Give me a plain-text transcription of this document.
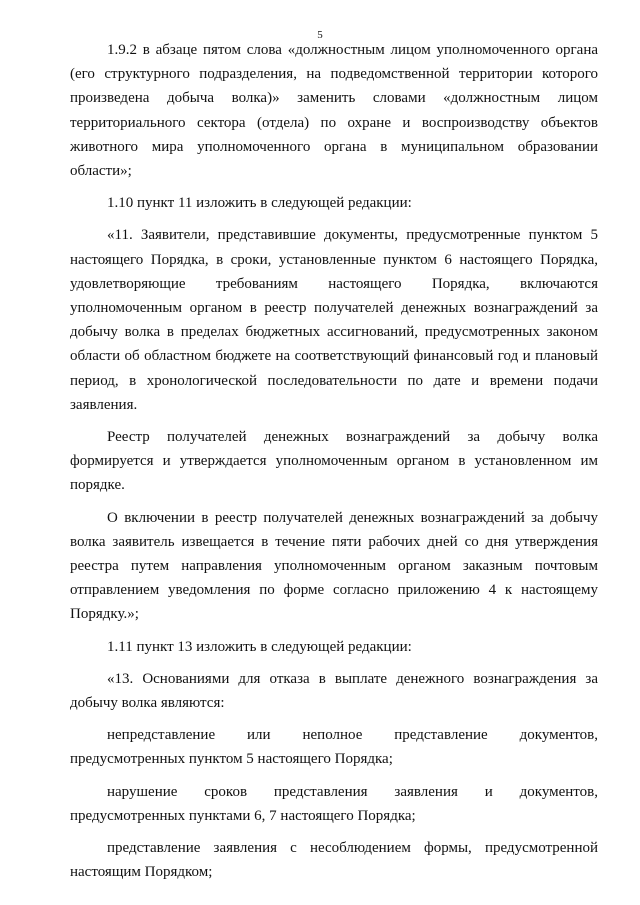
5

1.9.2 в абзаце пятом слова «должностным лицом уполномоченного органа (его структурного подразделения, на подведомственной территории которого произведена добыча волка)» заменить словами «должностным лицом территориального сектора (отдела) по охране и воспроизводству объектов животного мира уполномоченного органа в муниципальном образовании области»;

1.10 пункт 11 изложить в следующей редакции:

«11. Заявители, представившие документы, предусмотренные пунктом 5 настоящего Порядка, в сроки, установленные пунктом 6 настоящего Порядка, удовлетворяющие требованиям настоящего Порядка, включаются уполномоченным органом в реестр получателей денежных вознаграждений за добычу волка в пределах бюджетных ассигнований, предусмотренных законом области об областном бюджете на соответствующий финансовый год и плановый период, в хронологической последовательности по дате и времени подачи заявления.

Реестр получателей денежных вознаграждений за добычу волка формируется и утверждается уполномоченным органом в установленном им порядке.

О включении в реестр получателей денежных вознаграждений за добычу волка заявитель извещается в течение пяти рабочих дней со дня утверждения реестра путем направления уполномоченным органом заказным почтовым отправлением уведомления по форме согласно приложению 4 к настоящему Порядку.»;

1.11 пункт 13 изложить в следующей редакции:

«13. Основаниями для отказа в выплате денежного вознаграждения за добычу волка являются:

непредставление или неполное представление документов, предусмотренных пунктом 5 настоящего Порядка;

нарушение сроков представления заявления и документов, предусмотренных пунктами 6, 7 настоящего Порядка;

представление заявления с несоблюдением формы, предусмотренной настоящим Порядком;
